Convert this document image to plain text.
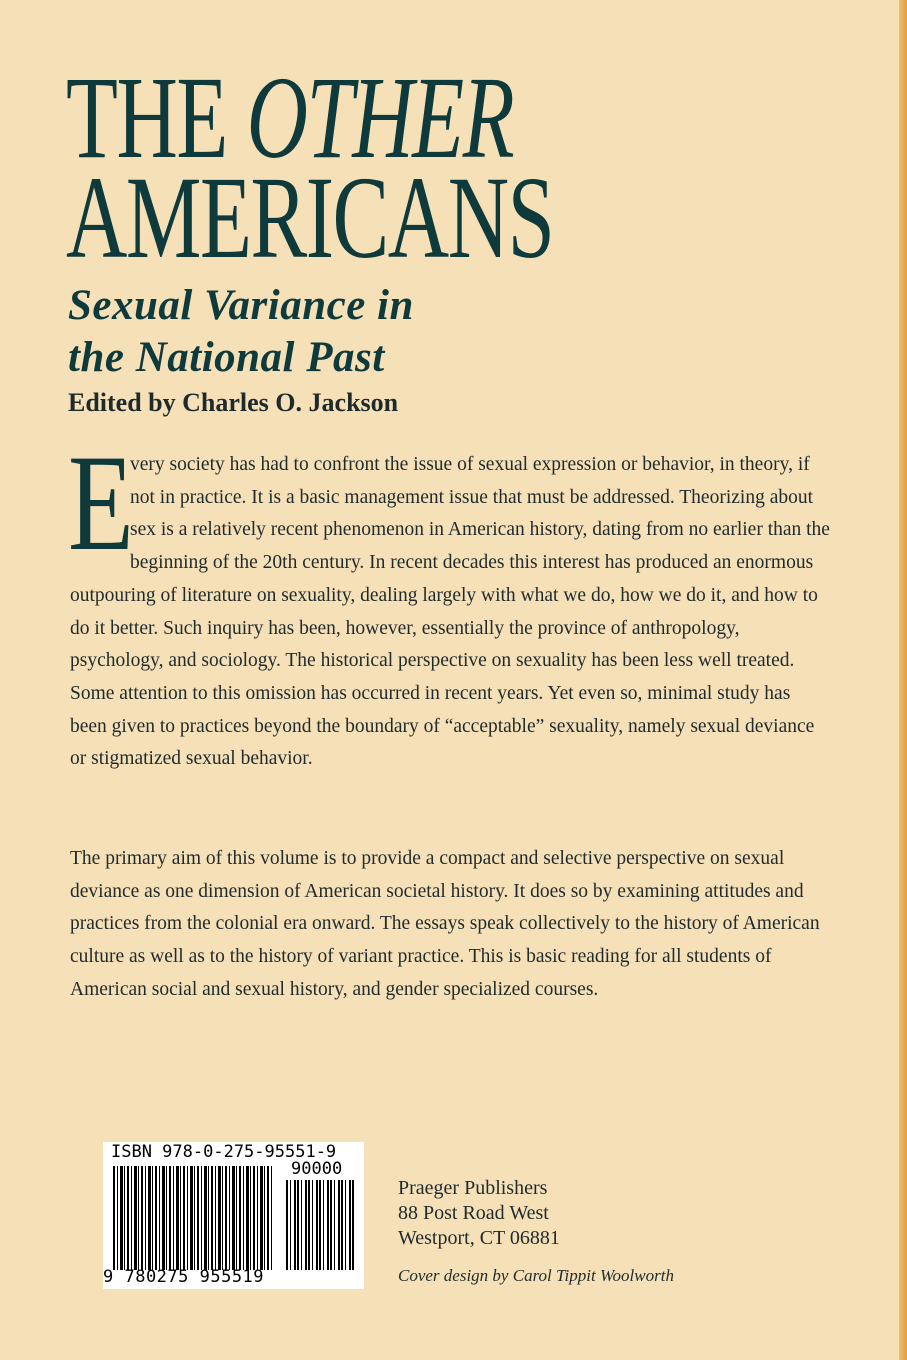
THE OTHER
AMERICANS
Sexual Variance in
the National Past
Edited by Charles O. Jackson
E
very society has had to confront the issue of sexual expression or behavior, in theory, if not in practice. It is a basic management issue that must be addressed. Theorizing about sex is a relatively recent phenomenon in American history, dating from no earlier than the beginning of the 20th century. In recent decades this interest has produced an enormous outpouring of literature on sexuality, dealing largely with what we do, how we do it, and how to do it better. Such inquiry has been, however, essentially the province of anthropology, psychology, and sociology. The historical perspective on sexuality has been less well treated. Some attention to this omission has occurred in recent years. Yet even so, minimal study has been given to practices beyond the boundary of “acceptable” sexuality, namely sexual deviance or stigmatized sexual behavior.
The primary aim of this volume is to provide a compact and selective perspective on sexual deviance as one dimension of American societal history. It does so by examining attitudes and practices from the colonial era onward. The essays speak collectively to the history of American culture as well as to the history of variant practice. This is basic reading for all students of American social and sexual history, and gender specialized courses.
ISBN 978-0-275-95551-9
90000
9 780275 955519
Praeger Publishers
88 Post Road West
Westport, CT 06881
Cover design by Carol Tippit Woolworth
